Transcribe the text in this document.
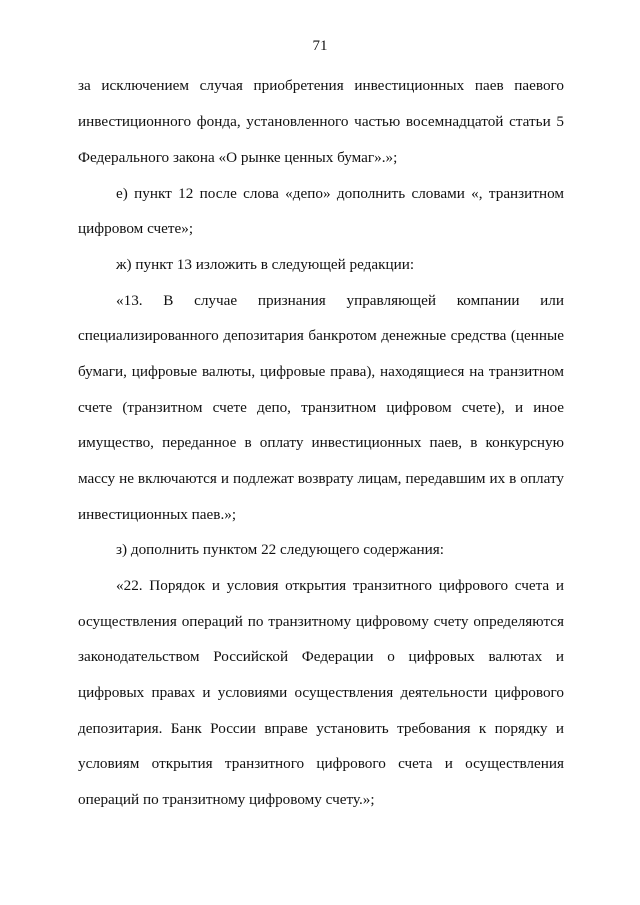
71
за исключением случая приобретения инвестиционных паев паевого
инвестиционного фонда, установленного частью восемнадцатой статьи 5
Федерального закона «О рынке ценных бумаг».»;
е) пункт 12 после слова «депо» дополнить словами «, транзитном
цифровом счете»;
ж) пункт 13 изложить в следующей редакции:
«13. В случае признания управляющей компании или
специализированного депозитария банкротом денежные средства (ценные
бумаги, цифровые валюты, цифровые права), находящиеся на транзитном
счете (транзитном счете депо, транзитном цифровом счете), и иное
имущество, переданное в оплату инвестиционных паев, в конкурсную
массу не включаются и подлежат возврату лицам, передавшим их в оплату
инвестиционных паев.»;
з) дополнить пунктом 22 следующего содержания:
«22. Порядок и условия открытия транзитного цифрового счета и
осуществления операций по транзитному цифровому счету определяются
законодательством Российской Федерации о цифровых валютах и
цифровых правах и условиями осуществления деятельности цифрового
депозитария. Банк России вправе установить требования к порядку и
условиям открытия транзитного цифрового счета и осуществления
операций по транзитному цифровому счету.»;
